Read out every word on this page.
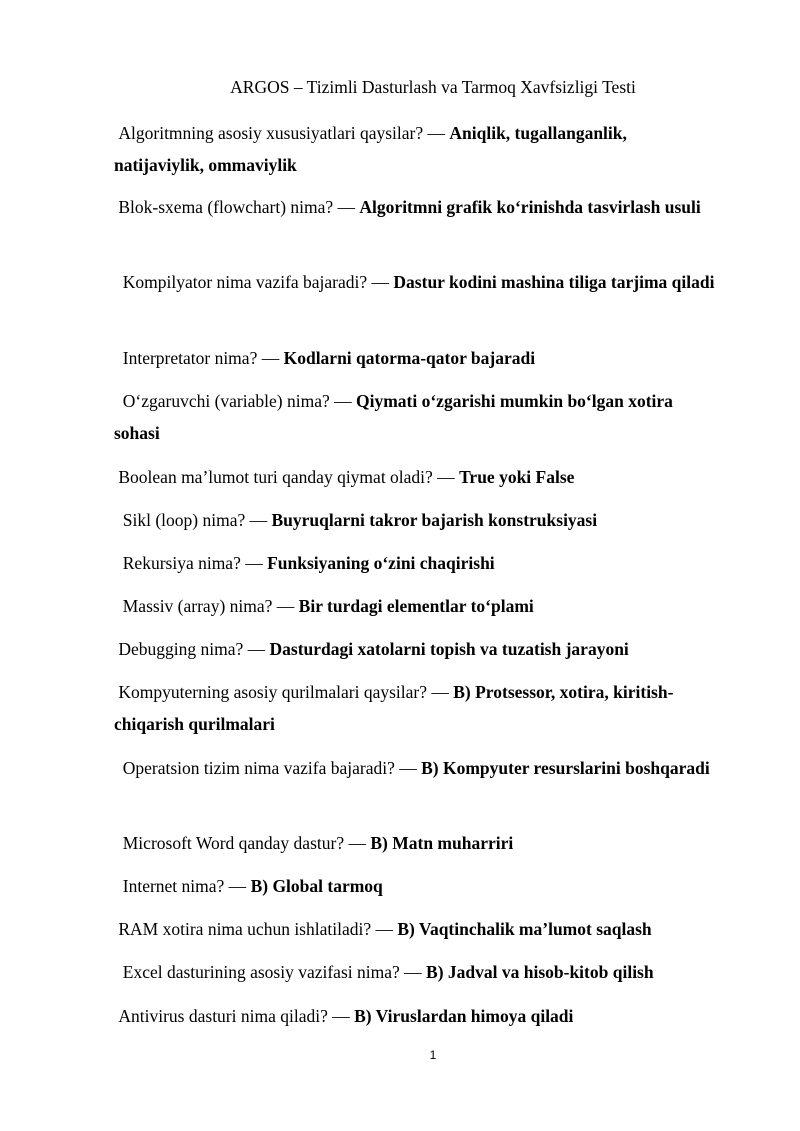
ARGOS – Tizimli Dasturlash va Tarmoq Xavfsizligi Testi
Algoritmning asosiy xususiyatlari qaysilar? — Aniqlik, tugallanganlik, natijaviylik, ommaviylik
Blok-sxema (flowchart) nima? — Algoritmni grafik koʻrinishda tasvirlash usuli
Kompilyator nima vazifa bajaradi? — Dastur kodini mashina tiliga tarjima qiladi
Interpretator nima? — Kodlarni qatorma-qator bajaradi
Oʻzgaruvchi (variable) nima? — Qiymati oʻzgarishi mumkin boʻlgan xotira sohasi
Boolean maʼlumot turi qanday qiymat oladi? — True yoki False
Sikl (loop) nima? — Buyruqlarni takror bajarish konstruksiyasi
Rekursiya nima? — Funksiyaning oʻzini chaqirishi
Massiv (array) nima? — Bir turdagi elementlar toʻplami
Debugging nima? — Dasturdagi xatolarni topish va tuzatish jarayoni
Kompyuterning asosiy qurilmalari qaysilar? — B) Protsessor, xotira, kiritish-chiqarish qurilmalari
Operatsion tizim nima vazifa bajaradi? — B) Kompyuter resurslarini boshqaradi
Microsoft Word qanday dastur? — B) Matn muharriri
Internet nima? — B) Global tarmoq
RAM xotira nima uchun ishlatiladi? — B) Vaqtinchalik maʼlumot saqlash
Excel dasturining asosiy vazifasi nima? — B) Jadval va hisob-kitob qilish
Antivirus dasturi nima qiladi? — B) Viruslardan himoya qiladi
1
